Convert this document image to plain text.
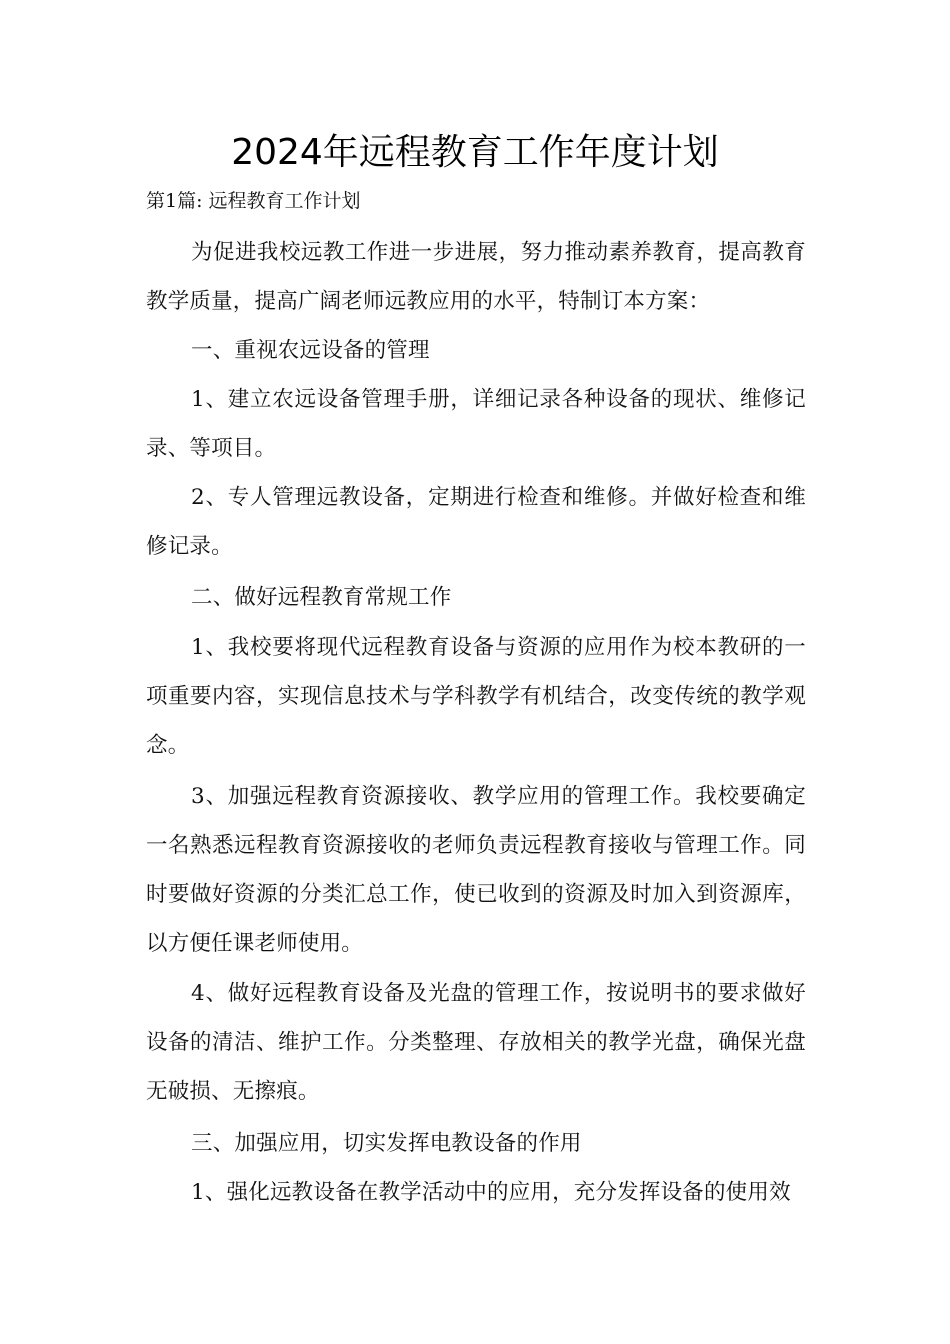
2024年远程教育工作年度计划
第1篇: 远程教育工作计划
为促进我校远教工作进一步进展，努力推动素养教育，提高教育教学质量，提高广阔老师远教应用的水平，特制订本方案：
一、重视农远设备的管理
1、建立农远设备管理手册，详细记录各种设备的现状、维修记录、等项目。
2、专人管理远教设备，定期进行检查和维修。并做好检查和维修记录。
二、做好远程教育常规工作
1、我校要将现代远程教育设备与资源的应用作为校本教研的一项重要内容，实现信息技术与学科教学有机结合，改变传统的教学观念。
3、加强远程教育资源接收、教学应用的管理工作。我校要确定一名熟悉远程教育资源接收的老师负责远程教育接收与管理工作。同时要做好资源的分类汇总工作，使已收到的资源及时加入到资源库，以方便任课老师使用。
4、做好远程教育设备及光盘的管理工作，按说明书的要求做好设备的清洁、维护工作。分类整理、存放相关的教学光盘，确保光盘无破损、无擦痕。
三、加强应用，切实发挥电教设备的作用
1、强化远教设备在教学活动中的应用，充分发挥设备的使用效
